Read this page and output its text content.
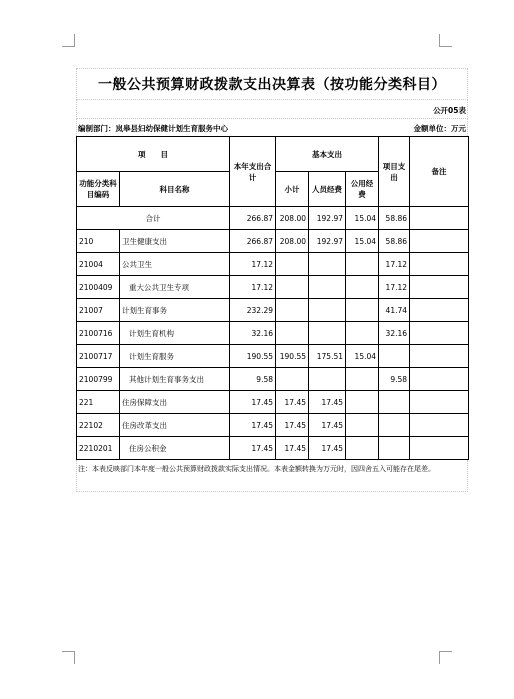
一般公共预算财政拨款支出决算表（按功能分类科目）
公开05表
编制部门：岚皋县妇幼保健计划生育服务中心	金额单位：万元
项　　目		本年支出合计	基本支出			项目支出	备注
功能分类科目编码	科目名称		小计	人员经费	公用经费		
合计		266.87	208.00	192.97	15.04	58.86	
210	卫生健康支出	266.87	208.00	192.97	15.04	58.86	
21004	公共卫生	17.12				17.12	
2100409	重大公共卫生专项	17.12				17.12	
21007	计划生育事务	232.29				41.74	
2100716	计划生育机构	32.16				32.16	
2100717	计划生育服务	190.55	190.55	175.51	15.04		
2100799	其他计划生育事务支出	9.58				9.58	
221	住房保障支出	17.45	17.45	17.45			
22102	住房改革支出	17.45	17.45	17.45			
2210201	住房公积金	17.45	17.45	17.45			
注：本表反映部门本年度一般公共预算财政拨款实际支出情况。本表金额转换为万元时，因四舍五入可能存在尾差。
